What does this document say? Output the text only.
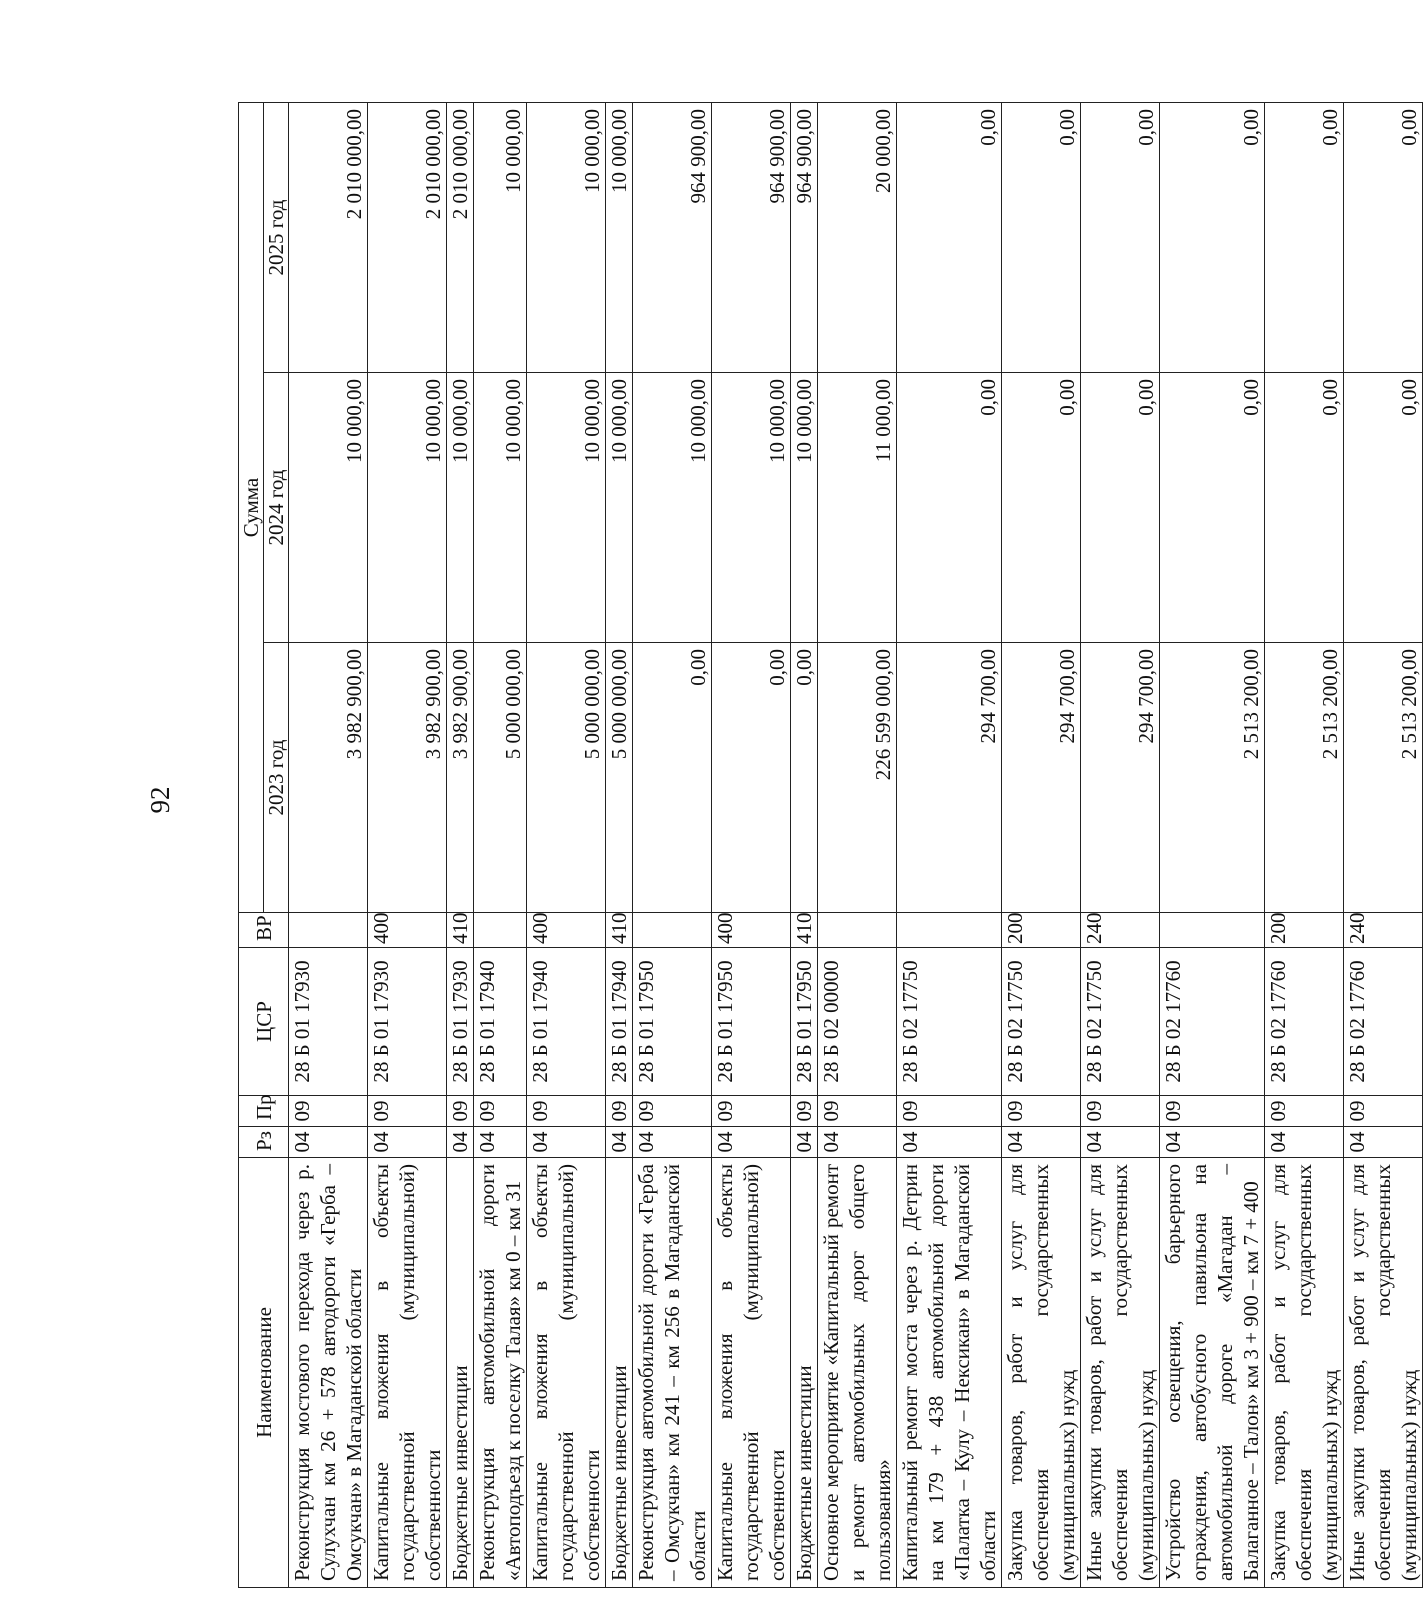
92
Наименование	Рз	Пр	ЦСР	ВР	Сумма		
					2023 год	2024 год	2025 год
Реконструкция мостового перехода через р. Сулухчан км 26 + 578 автодороги «Герба – Омсукчан» в Магаданской области	04	09	28 Б 01 17930		3 982 900,00	10 000,00	2 010 000,00
Капитальные вложения в объекты государственной (муниципальной) собственности	04	09	28 Б 01 17930	400	3 982 900,00	10 000,00	2 010 000,00
Бюджетные инвестиции	04	09	28 Б 01 17930	410	3 982 900,00	10 000,00	2 010 000,00
Реконструкция автомобильной дороги «Автоподъезд к поселку Талая» км 0 – км 31	04	09	28 Б 01 17940		5 000 000,00	10 000,00	10 000,00
Капитальные вложения в объекты государственной (муниципальной) собственности	04	09	28 Б 01 17940	400	5 000 000,00	10 000,00	10 000,00
Бюджетные инвестиции	04	09	28 Б 01 17940	410	5 000 000,00	10 000,00	10 000,00
Реконструкция автомобильной дороги «Герба – Омсукчан» км 241 – км 256 в Магаданской области	04	09	28 Б 01 17950		0,00	10 000,00	964 900,00
Капитальные вложения в объекты государственной (муниципальной) собственности	04	09	28 Б 01 17950	400	0,00	10 000,00	964 900,00
Бюджетные инвестиции	04	09	28 Б 01 17950	410	0,00	10 000,00	964 900,00
Основное мероприятие «Капитальный ремонт и ремонт автомобильных дорог общего пользования»	04	09	28 Б 02 00000		226 599 000,00	11 000,00	20 000,00
Капитальный ремонт моста через р. Детрин на км 179 + 438 автомобильной дороги «Палатка – Кулу – Нексикан» в Магаданской области	04	09	28 Б 02 17750		294 700,00	0,00	0,00
Закупка товаров, работ и услуг для обеспечения государственных (муниципальных) нужд	04	09	28 Б 02 17750	200	294 700,00	0,00	0,00
Иные закупки товаров, работ и услуг для обеспечения государственных (муниципальных) нужд	04	09	28 Б 02 17750	240	294 700,00	0,00	0,00
Устройство освещения, барьерного ограждения, автобусного павильона на автомобильной дороге «Магадан – Балаганное – Талон» км 3 + 900 – км 7 + 400	04	09	28 Б 02 17760		2 513 200,00	0,00	0,00
Закупка товаров, работ и услуг для обеспечения государственных (муниципальных) нужд	04	09	28 Б 02 17760	200	2 513 200,00	0,00	0,00
Иные закупки товаров, работ и услуг для обеспечения государственных (муниципальных) нужд	04	09	28 Б 02 17760	240	2 513 200,00	0,00	0,00
